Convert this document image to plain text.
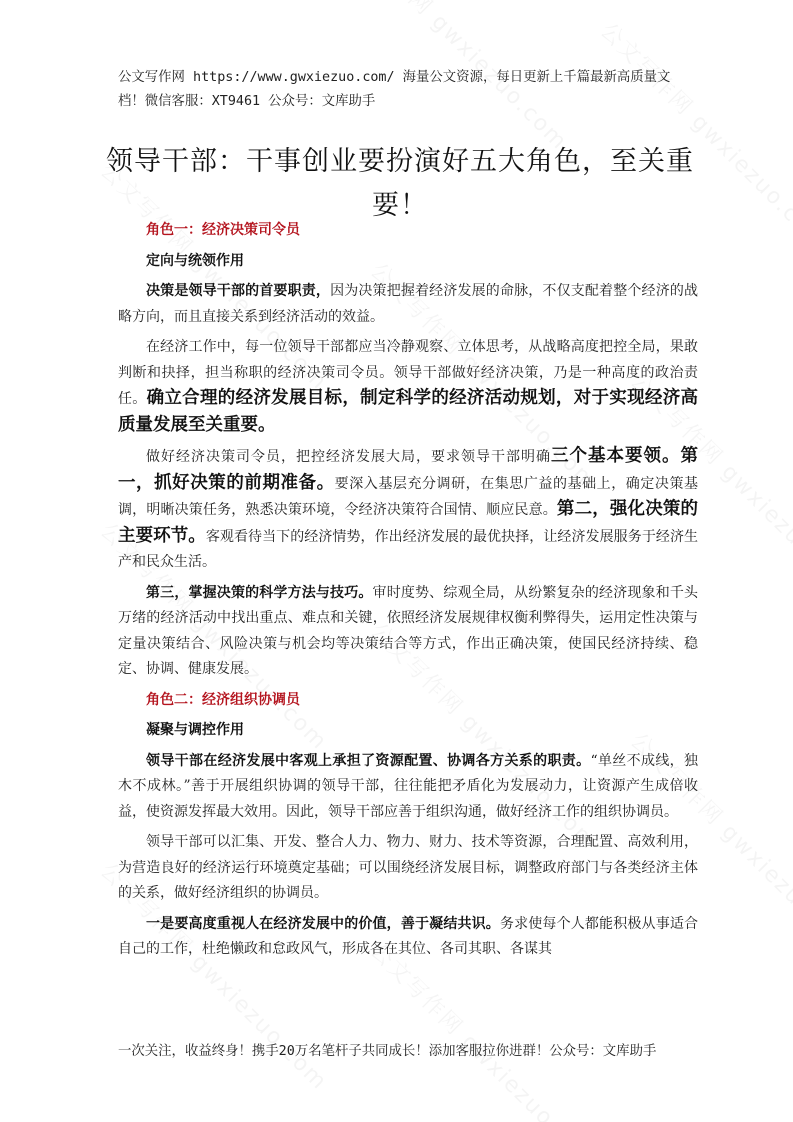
公文写作网 https://www.gwxiezuo.com/ 海量公文资源，每日更新上千篇最新高质量文档！微信客服：XT9461 公众号：文库助手
领导干部：干事创业要扮演好五大角色，至关重要！

角色一：经济决策司令员

定向与统领作用

决策是领导干部的首要职责，因为决策把握着经济发展的命脉，不仅支配着整个经济的战略方向，而且直接关系到经济活动的效益。

在经济工作中，每一位领导干部都应当冷静观察、立体思考，从战略高度把控全局，果敢判断和抉择，担当称职的经济决策司令员。领导干部做好经济决策，乃是一种高度的政治责任。确立合理的经济发展目标，制定科学的经济活动规划，对于实现经济高质量发展至关重要。

做好经济决策司令员，把控经济发展大局，要求领导干部明确三个基本要领。第一，抓好决策的前期准备。要深入基层充分调研，在集思广益的基础上，确定决策基调，明晰决策任务，熟悉决策环境，令经济决策符合国情、顺应民意。第二，强化决策的主要环节。客观看待当下的经济情势，作出经济发展的最优抉择，让经济发展服务于经济生产和民众生活。

第三，掌握决策的科学方法与技巧。审时度势、综观全局，从纷繁复杂的经济现象和千头万绪的经济活动中找出重点、难点和关键，依照经济发展规律权衡利弊得失，运用定性决策与定量决策结合、风险决策与机会均等决策结合等方式，作出正确决策，使国民经济持续、稳定、协调、健康发展。

角色二：经济组织协调员

凝聚与调控作用

领导干部在经济发展中客观上承担了资源配置、协调各方关系的职责。“单丝不成线，独木不成林。”善于开展组织协调的领导干部，往往能把矛盾化为发展动力，让资源产生成倍收益，使资源发挥最大效用。因此，领导干部应善于组织沟通，做好经济工作的组织协调员。

领导干部可以汇集、开发、整合人力、物力、财力、技术等资源，合理配置、高效利用，为营造良好的经济运行环境奠定基础；可以围绕经济发展目标，调整政府部门与各类经济主体的关系，做好经济组织的协调员。

一是要高度重视人在经济发展中的价值，善于凝结共识。务求使每个人都能积极从事适合自己的工作，杜绝懒政和怠政风气，形成各在其位、各司其职、各谋其

一次关注，收益终身！携手20万名笔杆子共同成长！添加客服拉你进群！公众号：文库助手
